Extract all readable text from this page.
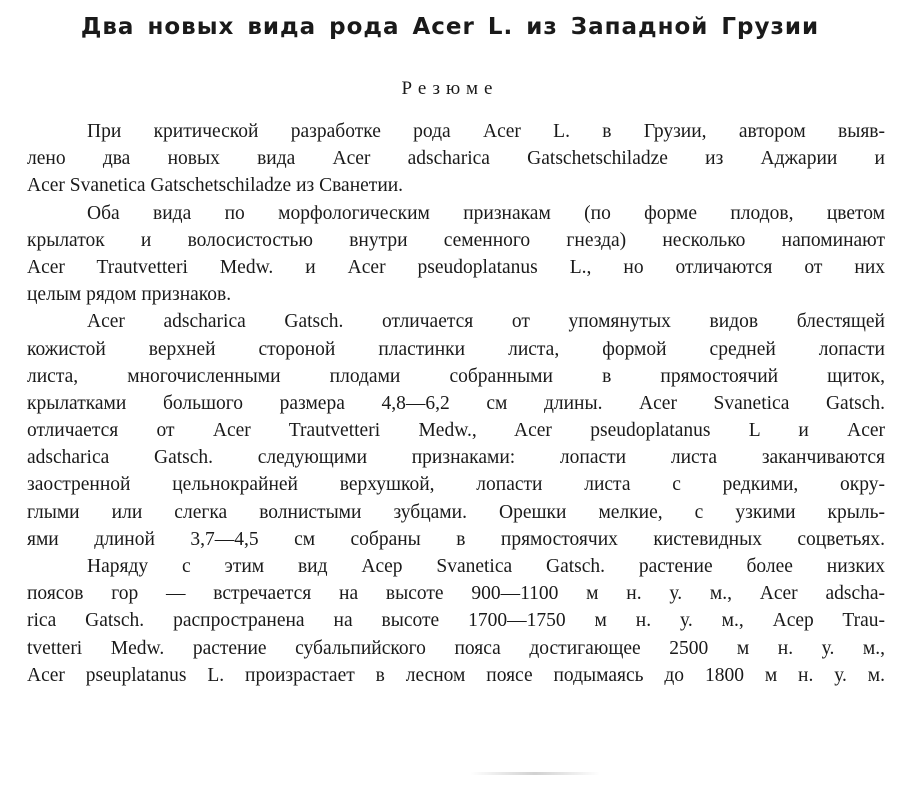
Два новых вида рода Acer L. из Западной Грузии
Резюме
При критической разработке рода Acer L. в Грузии, автором выяв-
лено два новых вида Acer adscharica Gatschetschiladze из Аджарии и
Acer Svanetica Gatschetschiladze из Сванетии.
Оба вида по морфологическим признакам (по форме плодов, цветом
крылаток и волосистостью внутри семенного гнезда) несколько напоминают
Acer Trautvetteri Medw. и Acer pseudoplatanus L., но отличаются от них
целым рядом признаков.
Acer adscharica Gatsch. отличается от упомянутых видов блестящей
кожистой верхней стороной пластинки листа, формой средней лопасти
листа, многочисленными плодами собранными в прямостоячий щиток,
крылатками большого размера 4,8—6,2 см длины. Acer Svanetica Gatsch.
отличается от Acer Trautvetteri Medw., Acer pseudoplatanus L и Acer
adscharica Gatsch. следующими признаками: лопасти листа заканчиваются
заостренной цельнокрайней верхушкой, лопасти листа с редкими, окру-
глыми или слегка волнистыми зубцами. Орешки мелкие, с узкими крыль-
ями длиной 3,7—4,5 см собраны в прямостоячих кистевидных соцветьях.
Наряду с этим вид Acep Svanetica Gatsch. растение более низких
поясов гор — встречается на высоте 900—1100 м н. у. м., Acer adscha-
rica Gatsch. распространена на высоте 1700—1750 м н. у. м., Acep Trau-
tvetteri Medw. растение субальпийского пояса достигающее 2500 м н. у. м.,
Acer pseuplatanus L. произрастает в лесном поясе подымаясь до 1800 м н. у. м.
